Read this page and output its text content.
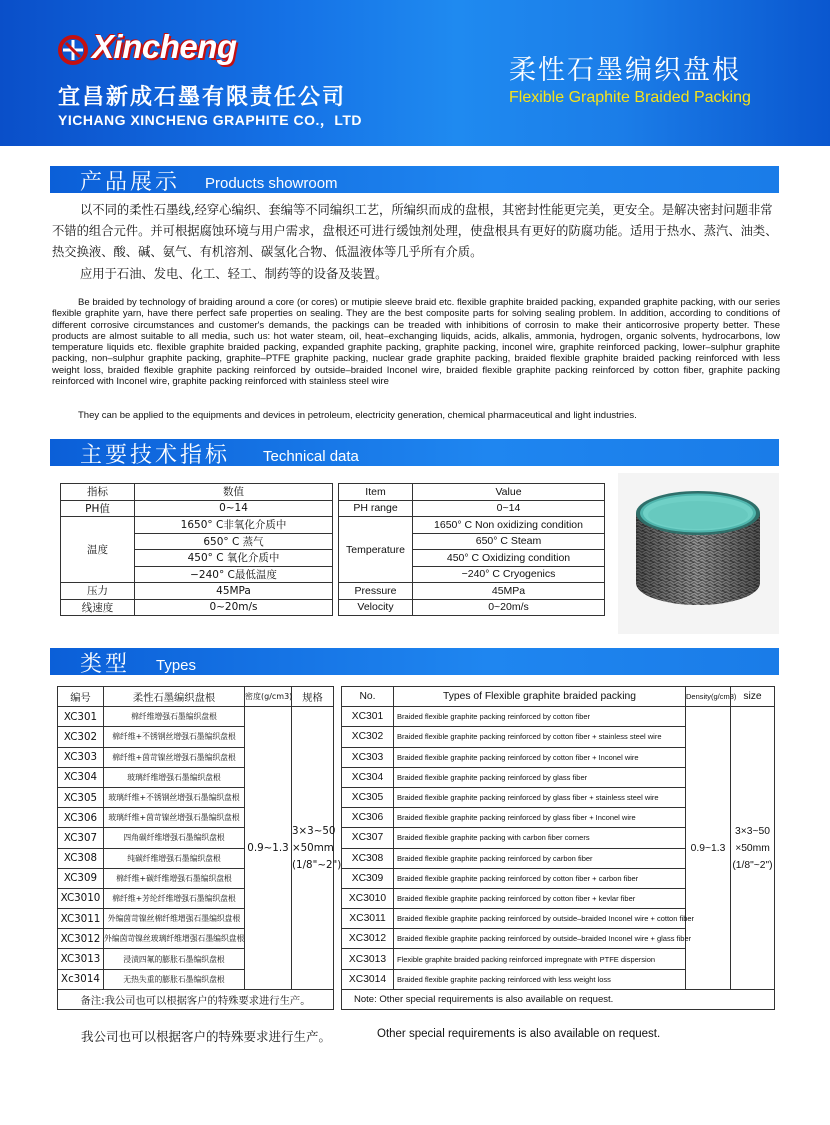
Xincheng
宜昌新成石墨有限责任公司
YICHANG XINCHENG GRAPHITE CO.，LTD
柔性石墨编织盘根
Flexible Graphite Braided Packing
产品展示 Products showroom
以不同的柔性石墨线,经穿心编织、套编等不同编织工艺，所编织而成的盘根，其密封性能更完美，更安全。是解决密封问题非常不错的组合元件。并可根据腐蚀环境与用户需求，盘根还可进行缓蚀剂处理，使盘根具有更好的防腐功能。适用于热水、蒸汽、油类、热交换液、酸、碱、氨气、有机溶剂、碳氢化合物、低温液体等几乎所有介质。
应用于石油、发电、化工、轻工、制药等的设备及装置。
Be braided by technology of braiding around a core (or cores) or mutipie sleeve braid etc. flexible graphite braided packing, expanded graphite packing, with our series flexible graphite yarn, have there perfect safe properties on sealing. They are the best composite parts for solving sealing problem. In addition, according to conditions of different corrosive circumstances and customer's demands, the packings can be treaded with inhibitions of corrosin to make their anticorrosive property better. These products are almost suitable to all media, such us: hot water steam, oil, heat–exchanging liquids, acids, alkalis, ammonia, hydrogen, organic solvents, hydrocarbons, low temperature liquids etc. flexible graphite braided packing, expanded graphite packing, graphite packing, inconel wire, graphite reinforced packing, lower–sulphur graphite packing, non–sulphur graphite packing, graphite–PTFE graphite packing, nuclear grade graphite packing, braided flexible graphite braided packing reinforced with less weight loss, braided flexible graphite packing reinforced by outside–braided Inconel wire, braided flexible graphite packing reinforced by cotton fiber, graphite packing reinforced with Inconel wire, graphite packing reinforced with stainless steel wire
They can be applied to the equipments and devices in petroleum, electricity generation, chemical pharmaceutical and light industries.
主要技术指标 Technical data
指标	数值
PH值	0~14
温度	1650° C非氧化介质中
	650° C 蒸气
	450° C 氧化介质中
	−240° C最低温度
压力	45MPa
线速度	0~20m/s
Item	Value
PH range	0~14
Temperature	1650° C Non oxidizing condition
	650° C Steam
	450° C Oxidizing condition
	−240° C Cryogenics
Pressure	45MPa
Velocity	0~20m/s
类型 Types
编号	柔性石墨编织盘根	密度(g/cm3)	规格
XC301	棉纤维增强石墨编织盘根	0.9~1.3	3×3~50
×50mm
(1/8"~2")

XC302	棉纤维+不锈钢丝增强石墨编织盘根		
XC303	棉纤维+茵苛镍丝增强石墨编织盘根		
XC304	玻璃纤维增强石墨编织盘根		
XC305	玻璃纤维+不锈钢丝增强石墨编织盘根		
XC306	玻璃纤维+茵苛镍丝增强石墨编织盘根		
XC307	四角碳纤维增强石墨编织盘根		
XC308	纯碳纤维增强石墨编织盘根		
XC309	棉纤维+碳纤维增强石墨编织盘根		
XC3010	棉纤维+芳纶纤维增强石墨编织盘根		
XC3011	外编茵苛镍丝棉纤维增强石墨编织盘根		
XC3012	外编茵苛镍丝玻璃纤维增强石墨编织盘根		
XC3013	浸渍四氟的膨胀石墨编织盘根		
Xc3014	无热失重的膨胀石墨编织盘根		
备注:我公司也可以根据客户的特殊要求进行生产。			
No.	Types of Flexible graphite braided packing	Density(g/cm3)	size
XC301	Braided flexible graphite packing reinforced by cotton fiber	0.9~1.3	3×3~50
×50mm
(1/8"~2")

XC302	Braided flexible graphite packing reinforced by cotton fiber + stainless steel wire		
XC303	Braided flexible graphite packing reinforced by cotton fiber + Inconel wire		
XC304	Braided flexible graphite packing reinforced by glass fiber		
XC305	Braided flexible graphite packing reinforced by glass fiber + stainless steel wire		
XC306	Braided flexible graphite packing reinforced by glass fiber + Inconel wire		
XC307	Braided flexible graphite packing with carbon fiber corners		
XC308	Braided flexible graphite packing reinforced by carbon fiber		
XC309	Braided flexible graphite packing reinforced by cotton fiber + carbon fiber		
XC3010	Braided flexible graphite packing reinforced by cotton fiber + kevlar fiber		
XC3011	Braided flexible graphite packing reinforced by outside–braided Inconel wire + cotton fiber		
XC3012	Braided flexible graphite packing reinforced by outside–braided Inconel wire + glass fiber		
XC3013	Flexible graphite braided packing reinforced impregnate with PTFE dispersion		
XC3014	Braided flexible graphite packing reinforced with less weight loss		
Note: Other special requirements is also available on request.			
我公司也可以根据客户的特殊要求进行生产。	Other special requirements is also available on request.
